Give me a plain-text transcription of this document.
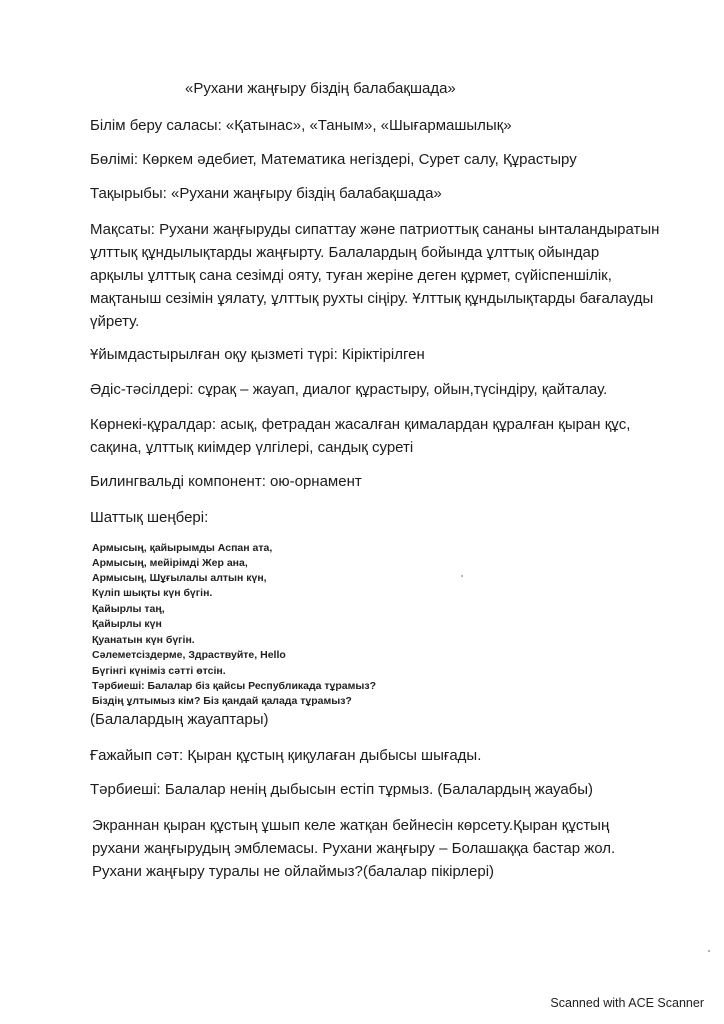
«Рухани жаңғыру біздің балабақшада»
Білім беру саласы: «Қатынас», «Таным», «Шығармашылық»
Бөлімі: Көркем әдебиет, Математика негіздері, Сурет салу, Құрастыру
Тақырыбы: «Рухани жаңғыру біздің балабақшада»
Мақсаты: Рухани жаңғыруды сипаттау және патриоттық сананы ынталандыратын
ұлттық құндылықтарды жаңғырту. Балалардың бойында ұлттық ойындар
арқылы ұлттық сана сезімді ояту, туған жеріне деген құрмет, сүйіспеншілік,
мақтаныш сезімін ұялату, ұлттық рухты сіңіру. Ұлттық құндылықтарды бағалауды
үйрету.
Ұйымдастырылған оқу қызметі түрі: Кіріктірілген
Әдіс-тәсілдері: сұрақ – жауап, диалог құрастыру, ойын,түсіндіру, қайталау.
Көрнекі-құралдар: асық, фетрадан жасалған қималардан құралған қыран құс,
сақина, ұлттық киімдер үлгілері, сандық суреті
Билингвальді компонент: ою-орнамент
Шаттық шеңбері:
Армысың, қайырымды Аспан ата,
Армысың, мейірімді Жер ана,
Армысың, Шұғылалы алтын күн,
Күліп шықты күн бүгін.
Қайырлы таң,
Қайырлы күн
Қуанатын күн бүгін.
Сәлеметсіздерме, Здраствуйте, Hello
Бүгінгі күніміз сәтті өтсін.
Тәрбиеші: Балалар біз қайсы Республикада тұрамыз?
Біздің ұлтымыз кім? Біз қандай қалада тұрамыз?
(Балалардың жауаптары)
Ғажайып сәт: Қыран құстың қиқулаған дыбысы шығады.
Тәрбиеші: Балалар ненің дыбысын естіп тұрмыз. (Балалардың жауабы)
Экраннан қыран құстың ұшып келе жатқан бейнесін көрсету.Қыран құстың
рухани жаңғырудың эмблемасы. Рухани жаңғыру – Болашаққа бастар жол.
Рухани жаңғыру туралы не ойлаймыз?(балалар пікірлері)
Scanned with ACE Scanner
